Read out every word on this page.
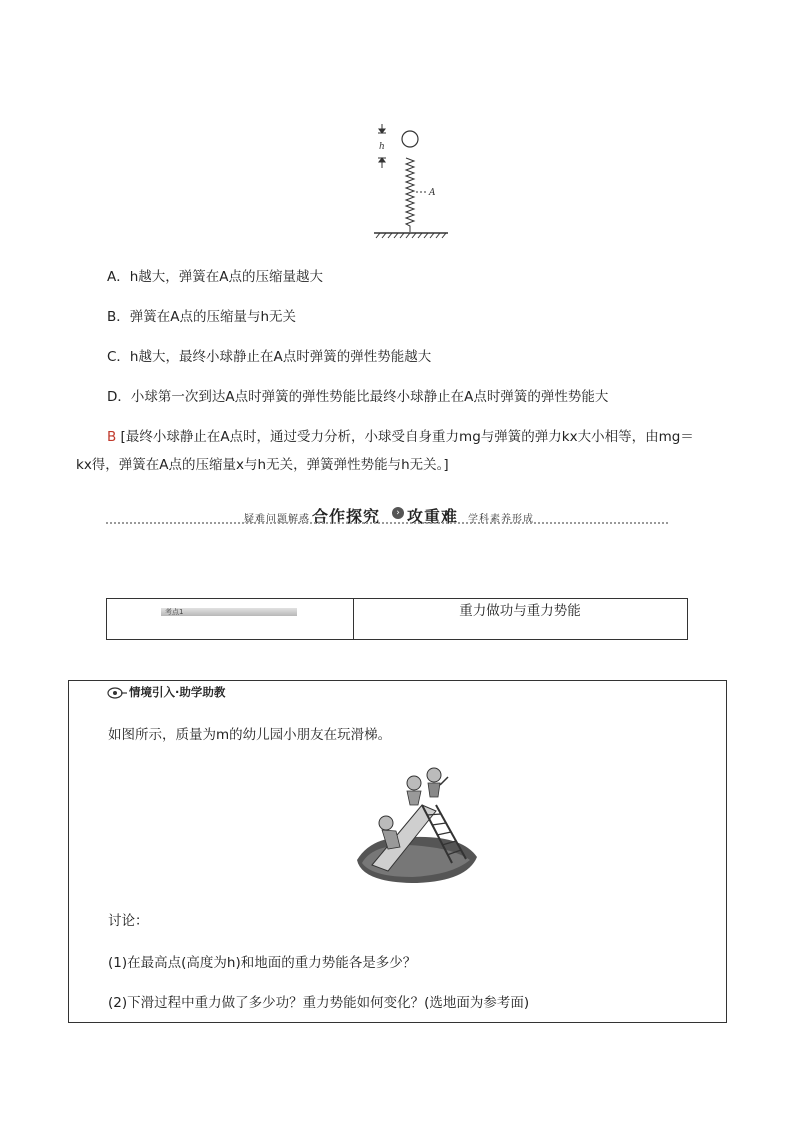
h
A
A．h越大，弹簧在A点的压缩量越大
B．弹簧在A点的压缩量与h无关
C．h越大，最终小球静止在A点时弹簧的弹性势能越大
D．小球第一次到达A点时弹簧的弹性势能比最终小球静止在A点时弹簧的弹性势能大
B [最终小球静止在A点时，通过受力分析，小球受自身重力mg与弹簧的弹力kx大小相等，由mg＝
kx得，弹簧在A点的压缩量x与h无关，弹簧弹性势能与h无关。]
疑难问题解惑 合作探究	› 攻重难 学科素养形成
考点1	重力做功与重力势能
情境引入·助学助教
如图所示，质量为m的幼儿园小朋友在玩滑梯。
讨论：
(1)在最高点(高度为h)和地面的重力势能各是多少？
(2)下滑过程中重力做了多少功？重力势能如何变化？(选地面为参考面)
